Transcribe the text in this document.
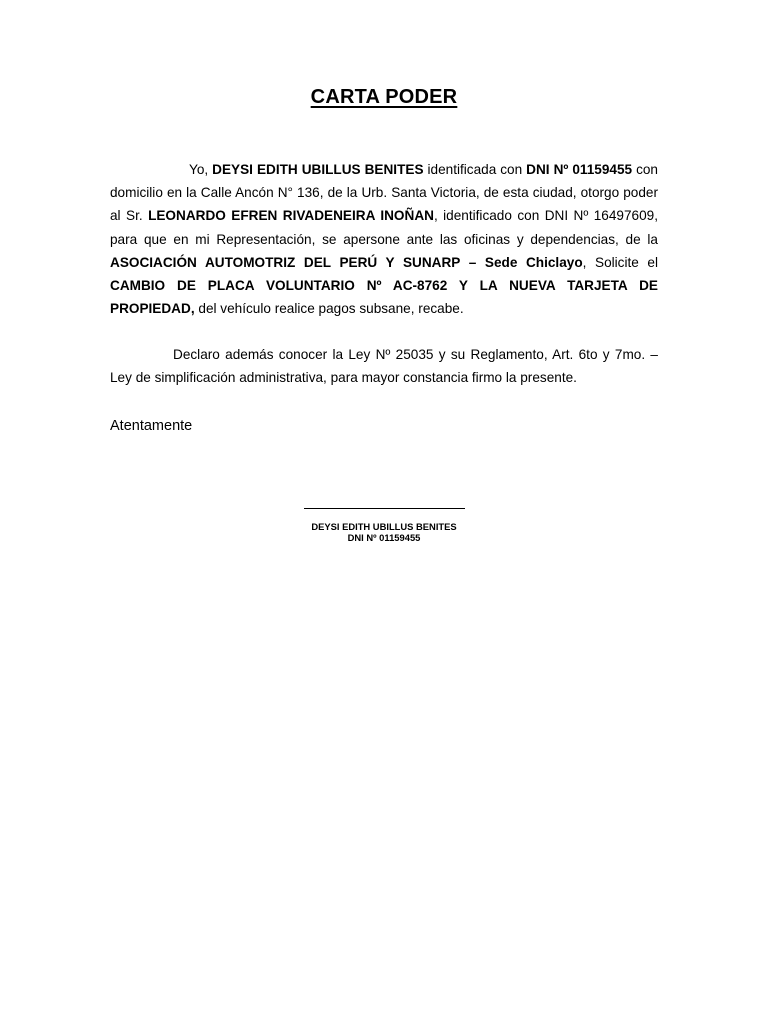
CARTA PODER
Yo, DEYSI EDITH UBILLUS BENITES identificada con DNI Nº 01159455 con domicilio en la Calle Ancón N° 136, de la Urb. Santa Victoria, de esta ciudad, otorgo poder al Sr. LEONARDO EFREN RIVADENEIRA INOÑAN, identificado con DNI Nº 16497609, para que en mi Representación, se apersone ante las oficinas y dependencias, de la ASOCIACIÓN AUTOMOTRIZ DEL PERÚ Y SUNARP – Sede Chiclayo, Solicite el CAMBIO DE PLACA VOLUNTARIO Nº AC-8762 Y LA NUEVA TARJETA DE PROPIEDAD, del vehículo realice pagos subsane, recabe.
Declaro además conocer la Ley Nº 25035 y su Reglamento, Art. 6to y 7mo. – Ley de simplificación administrativa, para mayor constancia firmo la presente.
Atentamente
DEYSI EDITH UBILLUS BENITES
DNI Nº 01159455
